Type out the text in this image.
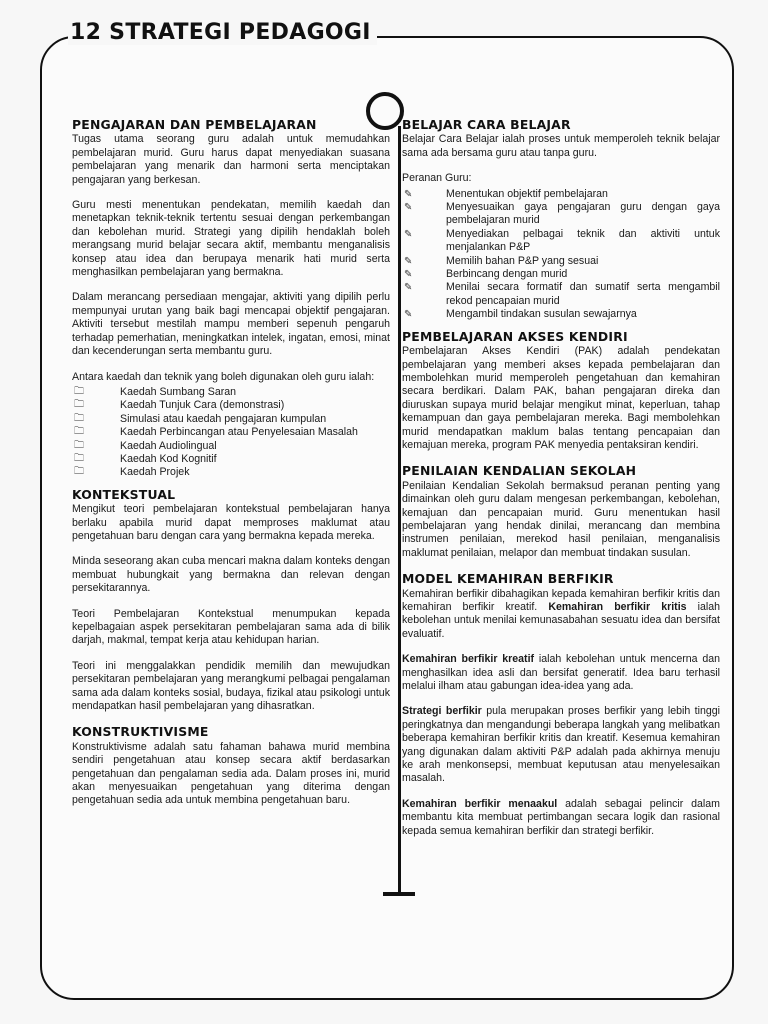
12 STRATEGI PEDAGOGI
PENGAJARAN DAN PEMBELAJARAN

Tugas utama seorang guru adalah untuk memudahkan pembelajaran murid. Guru harus dapat menyediakan suasana pembelajaran yang menarik dan harmoni serta menciptakan pengajaran yang berkesan.

Guru mesti menentukan pendekatan, memilih kaedah dan menetapkan teknik-teknik tertentu sesuai dengan perkembangan dan kebolehan murid. Strategi yang dipilih hendaklah boleh merangsang murid belajar secara aktif, membantu menganalisis konsep atau idea dan berupaya menarik hati murid serta menghasilkan pembelajaran yang bermakna.

Dalam merancang persediaan mengajar, aktiviti yang dipilih perlu mempunyai urutan yang baik bagi mencapai objektif pengajaran. Aktiviti tersebut mestilah mampu memberi sepenuh pengaruh terhadap pemerhatian, meningkatkan intelek, ingatan, emosi, minat dan kecenderungan serta membantu guru.

Antara kaedah dan teknik yang boleh digunakan oleh guru ialah:

🗀	Kaedah Sumbang Saran
🗀	Kaedah Tunjuk Cara (demonstrasi)
🗀	Simulasi atau kaedah pengajaran kumpulan
🗀	Kaedah Perbincangan atau Penyelesaian Masalah
🗀	Kaedah Audiolingual
🗀	Kaedah Kod Kognitif
🗀	Kaedah Projek
KONTEKSTUAL

Mengikut teori pembelajaran kontekstual pembelajaran hanya berlaku apabila murid dapat memproses maklumat atau pengetahuan baru dengan cara yang bermakna kepada mereka.

Minda seseorang akan cuba mencari makna dalam konteks dengan membuat hubungkait yang bermakna dan relevan dengan persekitarannya.

Teori Pembelajaran Kontekstual menumpukan kepada kepelbagaian aspek persekitaran pembelajaran sama ada di bilik darjah, makmal, tempat kerja atau kehidupan harian.

Teori ini menggalakkan pendidik memilih dan mewujudkan persekitaran pembelajaran yang merangkumi pelbagai pengalaman sama ada dalam konteks sosial, budaya, fizikal atau psikologi untuk mendapatkan hasil pembelajaran yang dihasratkan.

KONSTRUKTIVISME

Konstruktivisme adalah satu fahaman bahawa murid membina sendiri pengetahuan atau konsep secara aktif berdasarkan pengetahuan dan pengalaman sedia ada. Dalam proses ini, murid akan menyesuaikan pengetahuan yang diterima dengan pengetahuan sedia ada untuk membina pengetahuan baru.

BELAJAR CARA BELAJAR

Belajar Cara Belajar ialah proses untuk memperoleh teknik belajar sama ada bersama guru atau tanpa guru.

Peranan Guru:

✎	Menentukan objektif pembelajaran
✎	Menyesuaikan gaya pengajaran guru dengan gaya pembelajaran murid
✎	Menyediakan pelbagai teknik dan aktiviti untuk menjalankan P&P
✎	Memilih bahan P&P yang sesuai
✎	Berbincang dengan murid
✎	Menilai secara formatif dan sumatif serta mengambil rekod pencapaian murid
✎	Mengambil tindakan susulan sewajarnya
PEMBELAJARAN AKSES KENDIRI

Pembelajaran Akses Kendiri (PAK) adalah pendekatan pembelajaran yang memberi akses kepada pembelajaran dan membolehkan murid memperoleh pengetahuan dan kemahiran secara berdikari. Dalam PAK, bahan pengajaran direka dan diuruskan supaya murid belajar mengikut minat, keperluan, tahap kemampuan dan gaya pembelajaran mereka. Bagi membolehkan murid mendapatkan maklum balas tentang pencapaian dan kemajuan mereka, program PAK menyedia pentaksiran kendiri.

PENILAIAN KENDALIAN SEKOLAH

Penilaian Kendalian Sekolah bermaksud peranan penting yang dimainkan oleh guru dalam mengesan perkembangan, kebolehan, kemajuan dan pencapaian murid. Guru menentukan hasil pembelajaran yang hendak dinilai, merancang dan membina instrumen penilaian, merekod hasil penilaian, menganalisis maklumat penilaian, melapor dan membuat tindakan susulan.

MODEL KEMAHIRAN BERFIKIR

Kemahiran berfikir dibahagikan kepada kemahiran berfikir kritis dan kemahiran berfikir kreatif. Kemahiran berfikir kritis ialah kebolehan untuk menilai kemunasabahan sesuatu idea dan bersifat evaluatif.

Kemahiran berfikir kreatif ialah kebolehan untuk mencerna dan menghasilkan idea asli dan bersifat generatif. Idea baru terhasil melalui ilham atau gabungan idea-idea yang ada.

Strategi berfikir pula merupakan proses berfikir yang lebih tinggi peringkatnya dan mengandungi beberapa langkah yang melibatkan beberapa kemahiran berfikir kritis dan kreatif. Kesemua kemahiran yang digunakan dalam aktiviti P&P adalah pada akhirnya menuju ke arah menkonsepsi, membuat keputusan atau menyelesaikan masalah.

Kemahiran berfikir menaakul adalah sebagai pelincir dalam membantu kita membuat pertimbangan secara logik dan rasional kepada semua kemahiran berfikir dan strategi berfikir.
